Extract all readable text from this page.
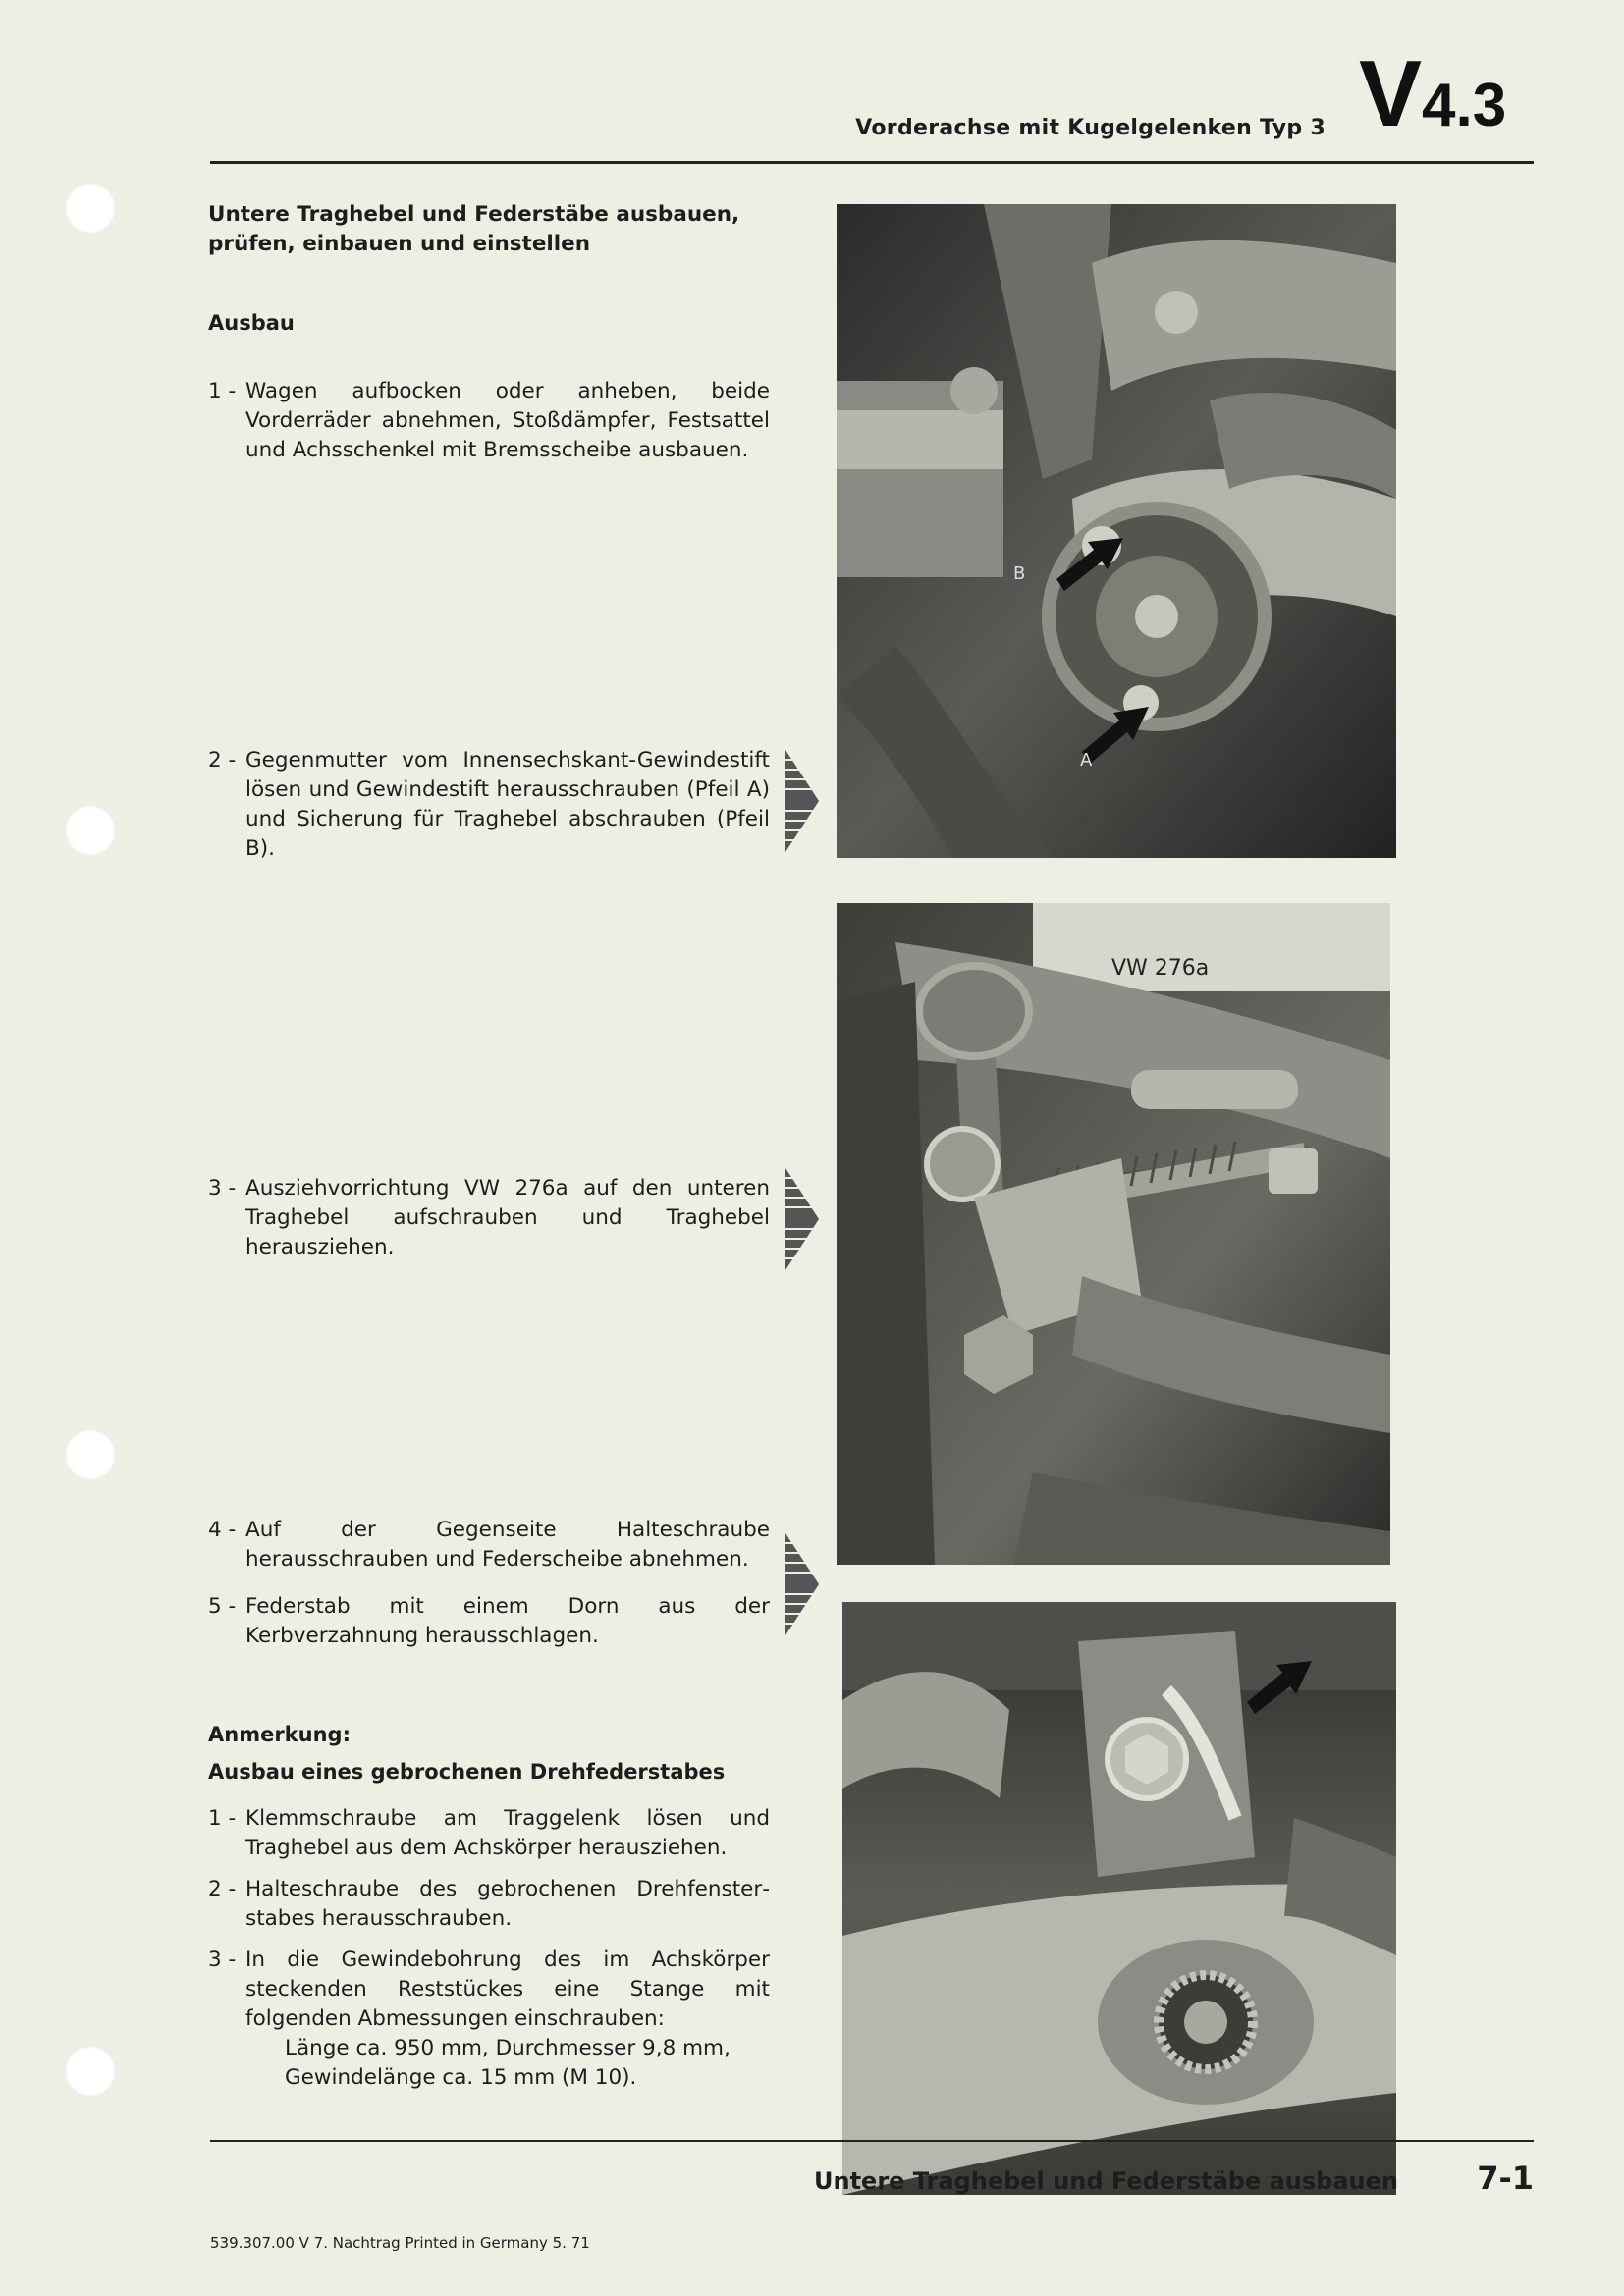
Vorderachse mit Kugelgelenken Typ 3 V4.3
Untere Traghebel und Federstäbe ausbauen, prüfen, einbauen und einstellen
Ausbau
1 - Wagen aufbocken oder anheben, beide Vorderräder abnehmen, Stoßdämpfer, Festsattel und Achsschenkel mit Bremsscheibe ausbauen.
2 - Gegenmutter vom Innensechskant-Gewindestift lösen und Gewindestift herausschrauben (Pfeil A) und Sicherung für Traghebel abschrauben (Pfeil B).
3 - Ausziehvorrichtung VW 276a auf den unteren Traghebel aufschrauben und Traghebel herausziehen.
4 - Auf der Gegenseite Halteschraube herausschrauben und Federscheibe abnehmen.
5 - Federstab mit einem Dorn aus der Kerbverzahnung herausschlagen.
Anmerkung:
Ausbau eines gebrochenen Drehfederstabes
1 - Klemmschraube am Traggelenk lösen und Traghebel aus dem Achskörper herausziehen.
2 - Halteschraube des gebrochenen Drehfensterstabes herausschrauben.
3 - In die Gewindebohrung des im Achskörper steckenden Reststückes eine Stange mit folgenden Abmessungen einschrauben:
Länge ca. 950 mm, Durchmesser 9,8 mm, Gewindelänge ca. 15 mm (M 10).
B
A
VW 276a
Untere Traghebel und Federstäbe ausbauen	7-1
539.307.00 V 7. Nachtrag Printed in Germany 5. 71
